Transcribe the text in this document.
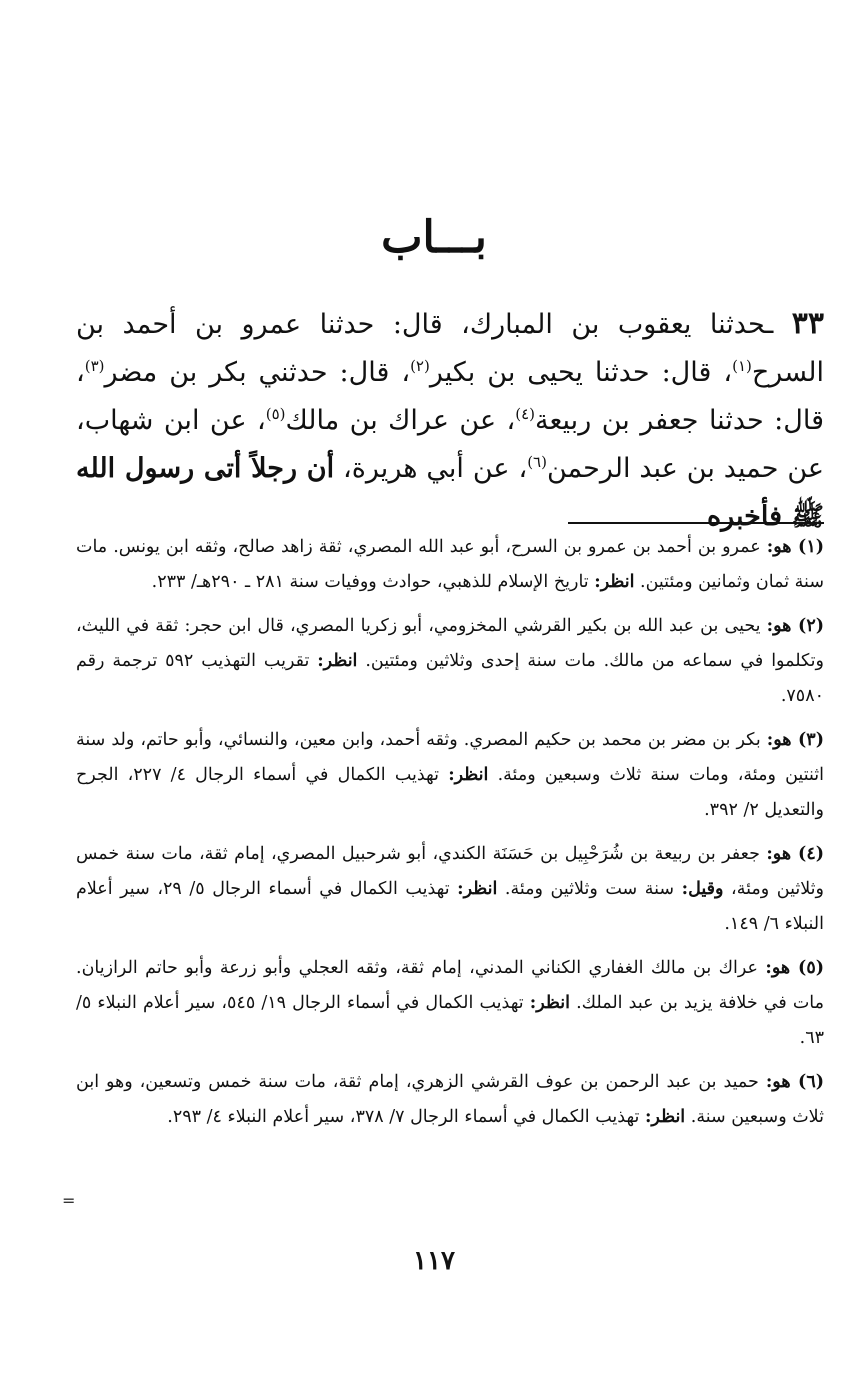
بـــاب
٣٣ ـحدثنا يعقوب بن المبارك، قال: حدثنا عمرو بن أحمد بن السرح$^{(١)}$، قال: حدثنا يحيى بن بكير$^{(٢)}$، قال: حدثني بكر بن مضر$^{(٣)}$، قال: حدثنا جعفر بن ربيعة$^{(٤)}$، عن عراك بن مالك$^{(٥)}$، عن ابن شهاب، عن حميد بن عبد الرحمن$^{(٦)}$، عن أبي هريرة، أن رجلاً أتى رسول الله ﷺ فأخبره

(١) هو: عمرو بن أحمد بن عمرو بن السرح، أبو عبد الله المصري، ثقة زاهد صالح، وثقه ابن يونس. مات سنة ثمان وثمانين ومئتين. انظر: تاريخ الإسلام للذهبي، حوادث ووفيات سنة ٢٨١ ـ ٢٩٠هـ/ ٢٣٣.

(٢) هو: يحيى بن عبد الله بن بكير القرشي المخزومي، أبو زكريا المصري، قال ابن حجر: ثقة في الليث، وتكلموا في سماعه من مالك. مات سنة إحدى وثلاثين ومئتين. انظر: تقريب التهذيب ٥٩٢ ترجمة رقم ٧٥٨٠.

(٣) هو: بكر بن مضر بن محمد بن حكيم المصري. وثقه أحمد، وابن معين، والنسائي، وأبو حاتم، ولد سنة اثنتين ومئة، ومات سنة ثلاث وسبعين ومئة. انظر: تهذيب الكمال في أسماء الرجال ٤/ ٢٢٧، الجرح والتعديل ٢/ ٣٩٢.

(٤) هو: جعفر بن ربيعة بن شُرَحْبِيل بن حَسَنَة الكندي، أبو شرحبيل المصري، إمام ثقة، مات سنة خمس وثلاثين ومئة، وقيل: سنة ست وثلاثين ومئة. انظر: تهذيب الكمال في أسماء الرجال ٥/ ٢٩، سير أعلام النبلاء ٦/ ١٤٩.

(٥) هو: عراك بن مالك الغفاري الكناني المدني، إمام ثقة، وثقه العجلي وأبو زرعة وأبو حاتم الرازيان. مات في خلافة يزيد بن عبد الملك. انظر: تهذيب الكمال في أسماء الرجال ١٩/ ٥٤٥، سير أعلام النبلاء ٥/ ٦٣.

(٦) هو: حميد بن عبد الرحمن بن عوف القرشي الزهري، إمام ثقة، مات سنة خمس وتسعين، وهو ابن ثلاث وسبعين سنة. انظر: تهذيب الكمال في أسماء الرجال ٧/ ٣٧٨، سير أعلام النبلاء ٤/ ٢٩٣.

=
١١٧
